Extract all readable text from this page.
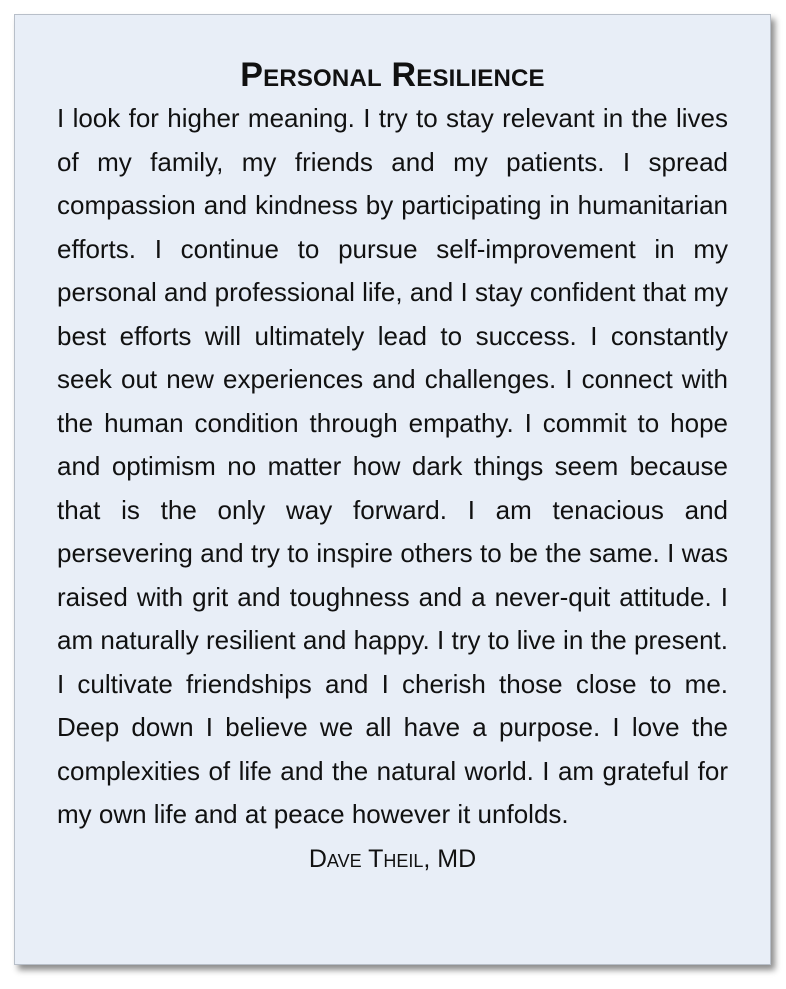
Personal Resilience

I look for higher meaning. I try to stay relevant in the lives of my family, my friends and my patients. I spread compassion and kindness by participating in humanitarian efforts. I continue to pursue self-improvement in my personal and professional life, and I stay confident that my best efforts will ultimately lead to success. I constantly seek out new experiences and challenges. I connect with the human condition through empathy. I commit to hope and optimism no matter how dark things seem because that is the only way forward. I am tenacious and persevering and try to inspire others to be the same. I was raised with grit and toughness and a never-quit attitude. I am naturally resilient and happy. I try to live in the present. I cultivate friendships and I cherish those close to me. Deep down I believe we all have a purpose. I love the complexities of life and the natural world. I am grateful for my own life and at peace however it unfolds.

Dave Theil, MD
